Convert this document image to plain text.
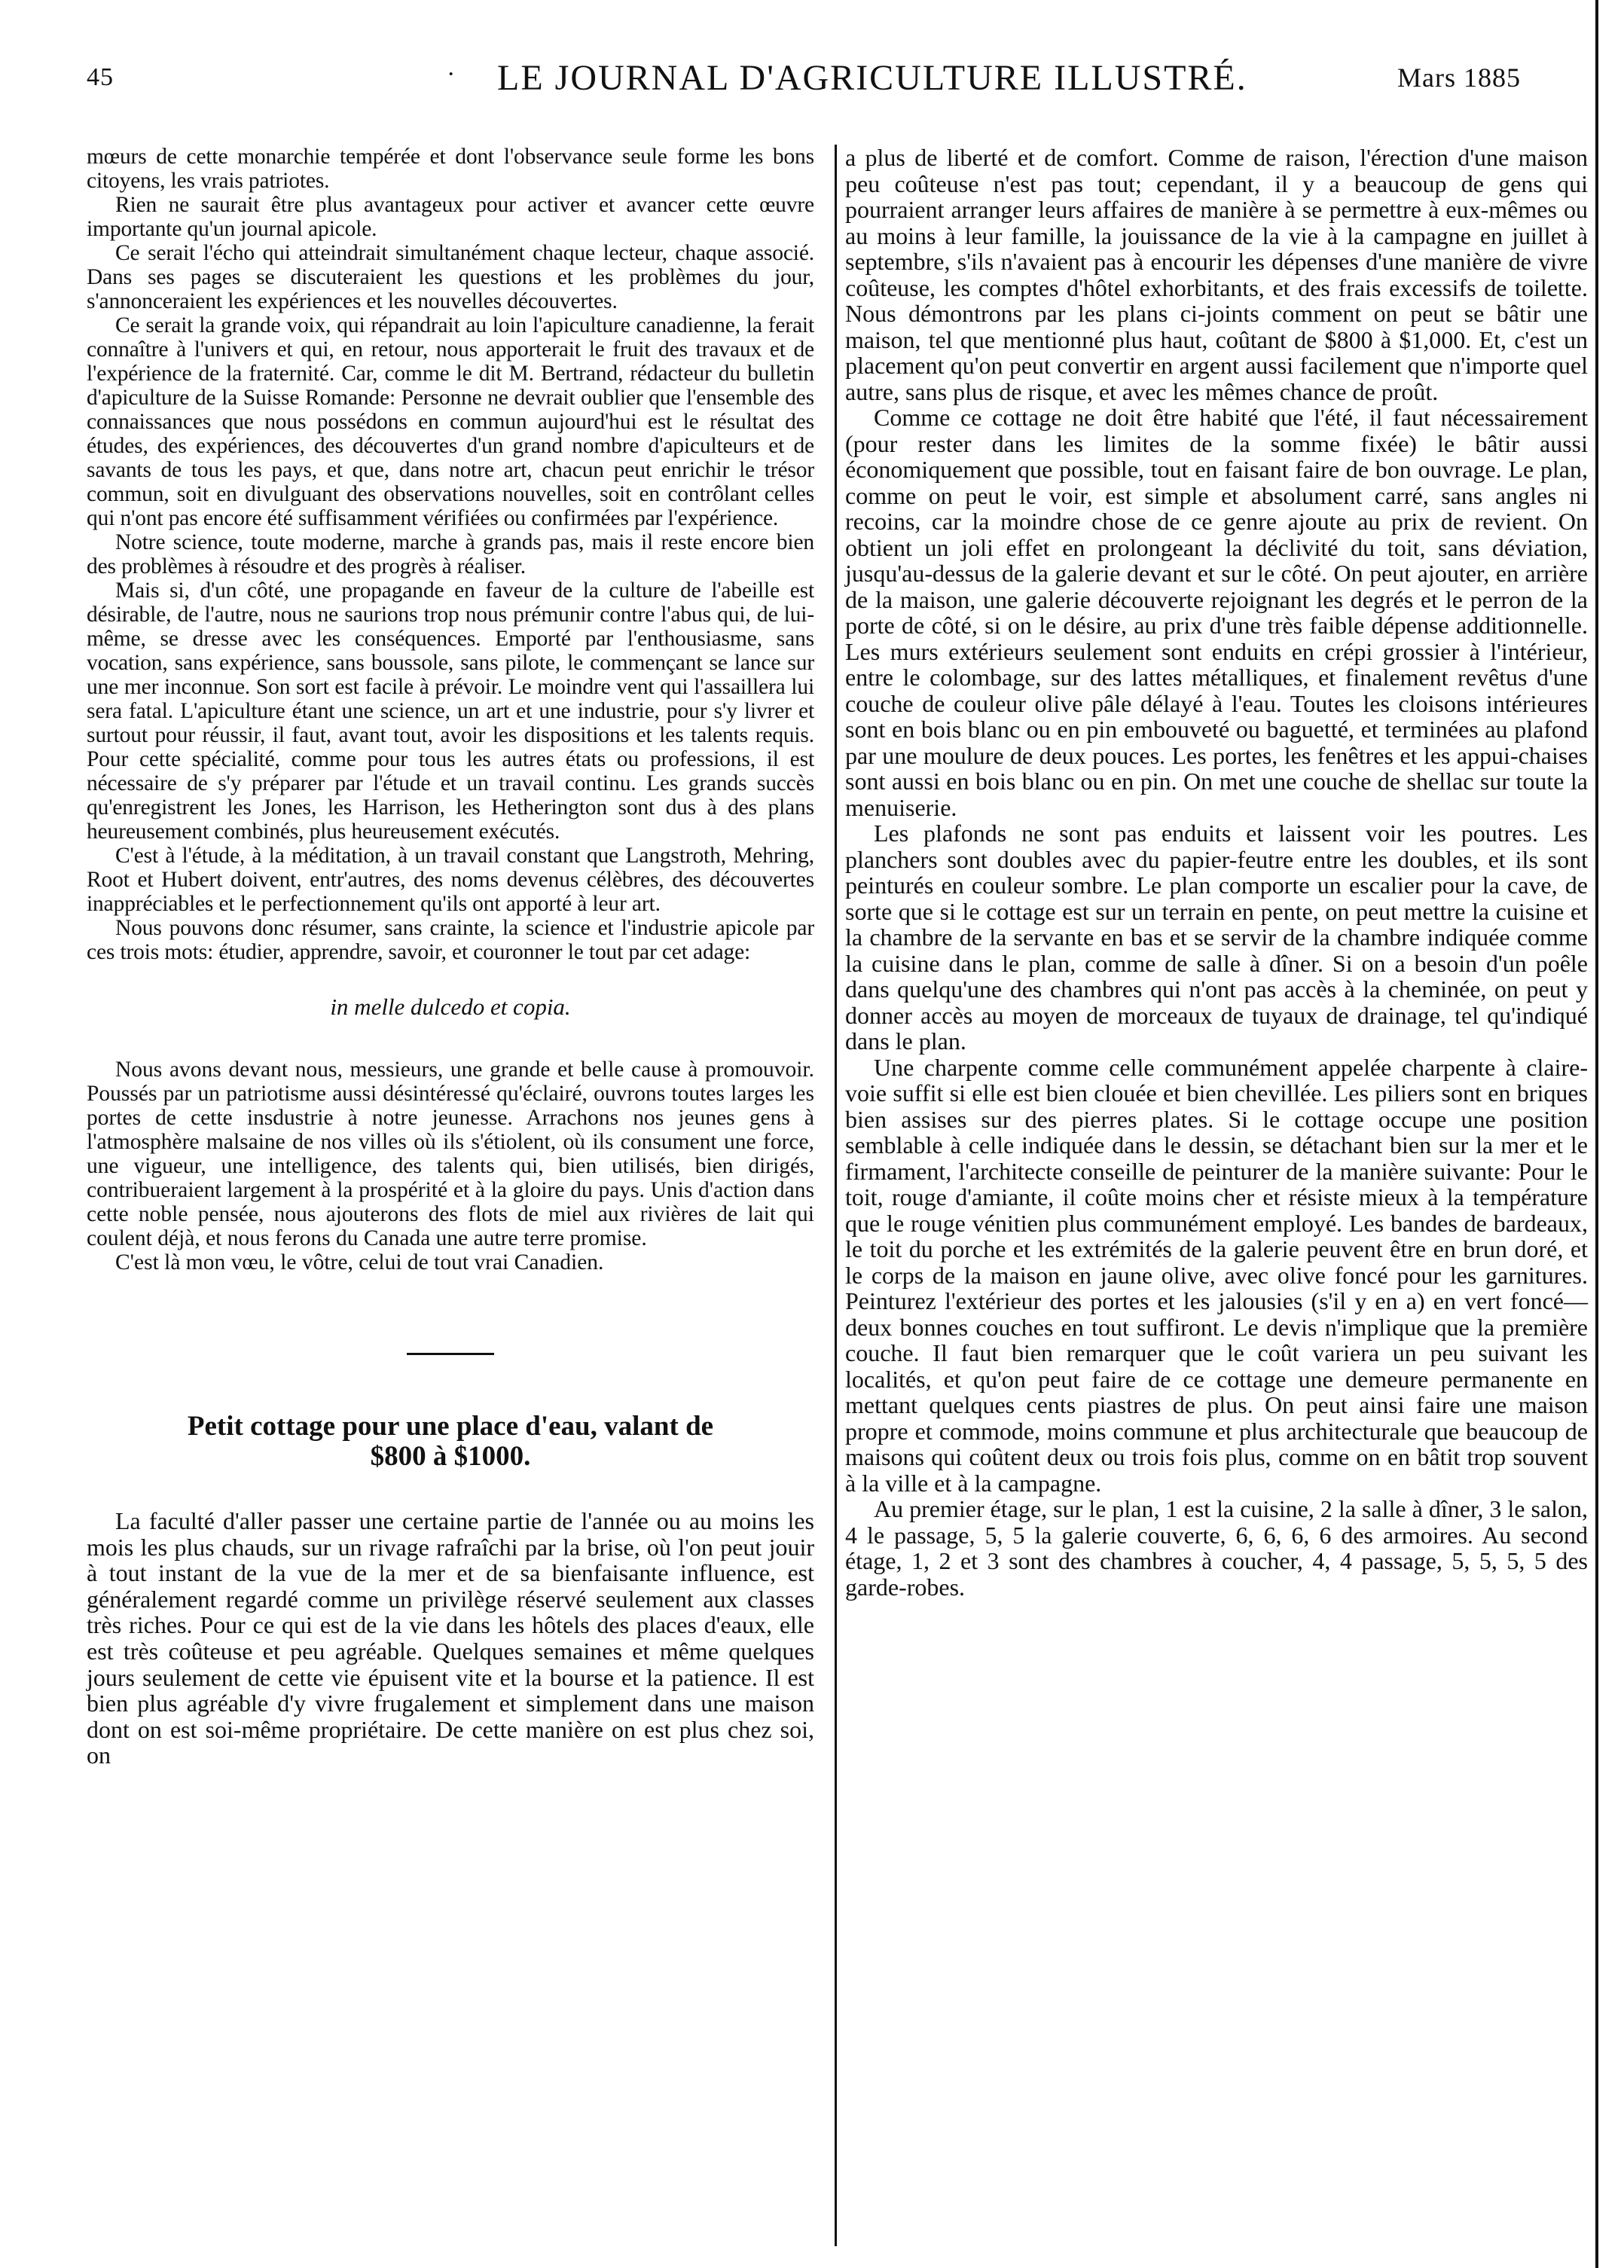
45	· LE JOURNAL D'AGRICULTURE ILLUSTRÉ.	Mars 1885

mœurs de cette monarchie tempérée et dont l'observance seule forme les bons citoyens, les vrais patriotes.

Rien ne saurait être plus avantageux pour activer et avancer cette œuvre importante qu'un journal apicole.

Ce serait l'écho qui atteindrait simultanément chaque lecteur, chaque associé. Dans ses pages se discuteraient les questions et les problèmes du jour, s'annonceraient les expériences et les nouvelles découvertes.

Ce serait la grande voix, qui répandrait au loin l'apiculture canadienne, la ferait connaître à l'univers et qui, en retour, nous apporterait le fruit des travaux et de l'expérience de la fraternité. Car, comme le dit M. Bertrand, rédacteur du bulletin d'apiculture de la Suisse Romande: Personne ne devrait oublier que l'ensemble des connaissances que nous possédons en commun aujourd'hui est le résultat des études, des expériences, des découvertes d'un grand nombre d'apiculteurs et de savants de tous les pays, et que, dans notre art, chacun peut enrichir le trésor commun, soit en divulguant des observations nouvelles, soit en contrôlant celles qui n'ont pas encore été suffisamment vérifiées ou confirmées par l'expérience.

Notre science, toute moderne, marche à grands pas, mais il reste encore bien des problèmes à résoudre et des progrès à réaliser.

Mais si, d'un côté, une propagande en faveur de la culture de l'abeille est désirable, de l'autre, nous ne saurions trop nous prémunir contre l'abus qui, de lui-même, se dresse avec les conséquences. Emporté par l'enthousiasme, sans vocation, sans expérience, sans boussole, sans pilote, le commençant se lance sur une mer inconnue. Son sort est facile à prévoir. Le moindre vent qui l'assaillera lui sera fatal. L'apiculture étant une science, un art et une industrie, pour s'y livrer et surtout pour réussir, il faut, avant tout, avoir les dispositions et les talents requis. Pour cette spécialité, comme pour tous les autres états ou professions, il est nécessaire de s'y préparer par l'étude et un travail continu. Les grands succès qu'enregistrent les Jones, les Harrison, les Hetherington sont dus à des plans heureusement combinés, plus heureusement exécutés.

C'est à l'étude, à la méditation, à un travail constant que Langstroth, Mehring, Root et Hubert doivent, entr'autres, des noms devenus célèbres, des découvertes inappréciables et le perfectionnement qu'ils ont apporté à leur art.

Nous pouvons donc résumer, sans crainte, la science et l'industrie apicole par ces trois mots: étudier, apprendre, savoir, et couronner le tout par cet adage:

in melle dulcedo et copia.

Nous avons devant nous, messieurs, une grande et belle cause à promouvoir. Poussés par un patriotisme aussi désintéressé qu'éclairé, ouvrons toutes larges les portes de cette insdustrie à notre jeunesse. Arrachons nos jeunes gens à l'atmosphère malsaine de nos villes où ils s'étiolent, où ils consument une force, une vigueur, une intelligence, des talents qui, bien utilisés, bien dirigés, contribueraient largement à la prospérité et à la gloire du pays. Unis d'action dans cette noble pensée, nous ajouterons des flots de miel aux rivières de lait qui coulent déjà, et nous ferons du Canada une autre terre promise.

C'est là mon vœu, le vôtre, celui de tout vrai Canadien.

Petit cottage pour une place d'eau, valant de
$800 à $1000.

La faculté d'aller passer une certaine partie de l'année ou au moins les mois les plus chauds, sur un rivage rafraîchi par la brise, où l'on peut jouir à tout instant de la vue de la mer et de sa bienfaisante influence, est généralement regardé comme un privilège réservé seulement aux classes très riches. Pour ce qui est de la vie dans les hôtels des places d'eaux, elle est très coûteuse et peu agréable. Quelques semaines et même quelques jours seulement de cette vie épuisent vite et la bourse et la patience. Il est bien plus agréable d'y vivre frugalement et simplement dans une maison dont on est soi-même propriétaire. De cette manière on est plus chez soi, on

a plus de liberté et de comfort. Comme de raison, l'érection d'une maison peu coûteuse n'est pas tout; cependant, il y a beaucoup de gens qui pourraient arranger leurs affaires de manière à se permettre à eux-mêmes ou au moins à leur famille, la jouissance de la vie à la campagne en juillet à septembre, s'ils n'avaient pas à encourir les dépenses d'une manière de vivre coûteuse, les comptes d'hôtel exhorbitants, et des frais excessifs de toilette. Nous démontrons par les plans ci-joints comment on peut se bâtir une maison, tel que mentionné plus haut, coûtant de $800 à $1,000. Et, c'est un placement qu'on peut convertir en argent aussi facilement que n'importe quel autre, sans plus de risque, et avec les mêmes chance de proût.

Comme ce cottage ne doit être habité que l'été, il faut nécessairement (pour rester dans les limites de la somme fixée) le bâtir aussi économiquement que possible, tout en faisant faire de bon ouvrage. Le plan, comme on peut le voir, est simple et absolument carré, sans angles ni recoins, car la moindre chose de ce genre ajoute au prix de revient. On obtient un joli effet en prolongeant la déclivité du toit, sans déviation, jusqu'au-dessus de la galerie devant et sur le côté. On peut ajouter, en arrière de la maison, une galerie découverte rejoignant les degrés et le perron de la porte de côté, si on le désire, au prix d'une très faible dépense additionnelle. Les murs extérieurs seulement sont enduits en crépi grossier à l'intérieur, entre le colombage, sur des lattes métalliques, et finalement revêtus d'une couche de couleur olive pâle délayé à l'eau. Toutes les cloisons intérieures sont en bois blanc ou en pin embouveté ou baguetté, et terminées au plafond par une moulure de deux pouces. Les portes, les fenêtres et les appui-chaises sont aussi en bois blanc ou en pin. On met une couche de shellac sur toute la menuiserie.

Les plafonds ne sont pas enduits et laissent voir les poutres. Les planchers sont doubles avec du papier-feutre entre les doubles, et ils sont peinturés en couleur sombre. Le plan comporte un escalier pour la cave, de sorte que si le cottage est sur un terrain en pente, on peut mettre la cuisine et la chambre de la servante en bas et se servir de la chambre indiquée comme la cuisine dans le plan, comme de salle à dîner. Si on a besoin d'un poêle dans quelqu'une des chambres qui n'ont pas accès à la cheminée, on peut y donner accès au moyen de morceaux de tuyaux de drainage, tel qu'indiqué dans le plan.

Une charpente comme celle communément appelée charpente à claire-voie suffit si elle est bien clouée et bien chevillée. Les piliers sont en briques bien assises sur des pierres plates. Si le cottage occupe une position semblable à celle indiquée dans le dessin, se détachant bien sur la mer et le firmament, l'architecte conseille de peinturer de la manière suivante: Pour le toit, rouge d'amiante, il coûte moins cher et résiste mieux à la température que le rouge vénitien plus communément employé. Les bandes de bardeaux, le toit du porche et les extrémités de la galerie peuvent être en brun doré, et le corps de la maison en jaune olive, avec olive foncé pour les garnitures. Peinturez l'extérieur des portes et les jalousies (s'il y en a) en vert foncé—deux bonnes couches en tout suffiront. Le devis n'implique que la première couche. Il faut bien remarquer que le coût variera un peu suivant les localités, et qu'on peut faire de ce cottage une demeure permanente en mettant quelques cents piastres de plus. On peut ainsi faire une maison propre et commode, moins commune et plus architecturale que beaucoup de maisons qui coûtent deux ou trois fois plus, comme on en bâtit trop souvent à la ville et à la campagne.

Au premier étage, sur le plan, 1 est la cuisine, 2 la salle à dîner, 3 le salon, 4 le passage, 5, 5 la galerie couverte, 6, 6, 6, 6 des armoires. Au second étage, 1, 2 et 3 sont des chambres à coucher, 4, 4 passage, 5, 5, 5, 5 des garde-robes.
